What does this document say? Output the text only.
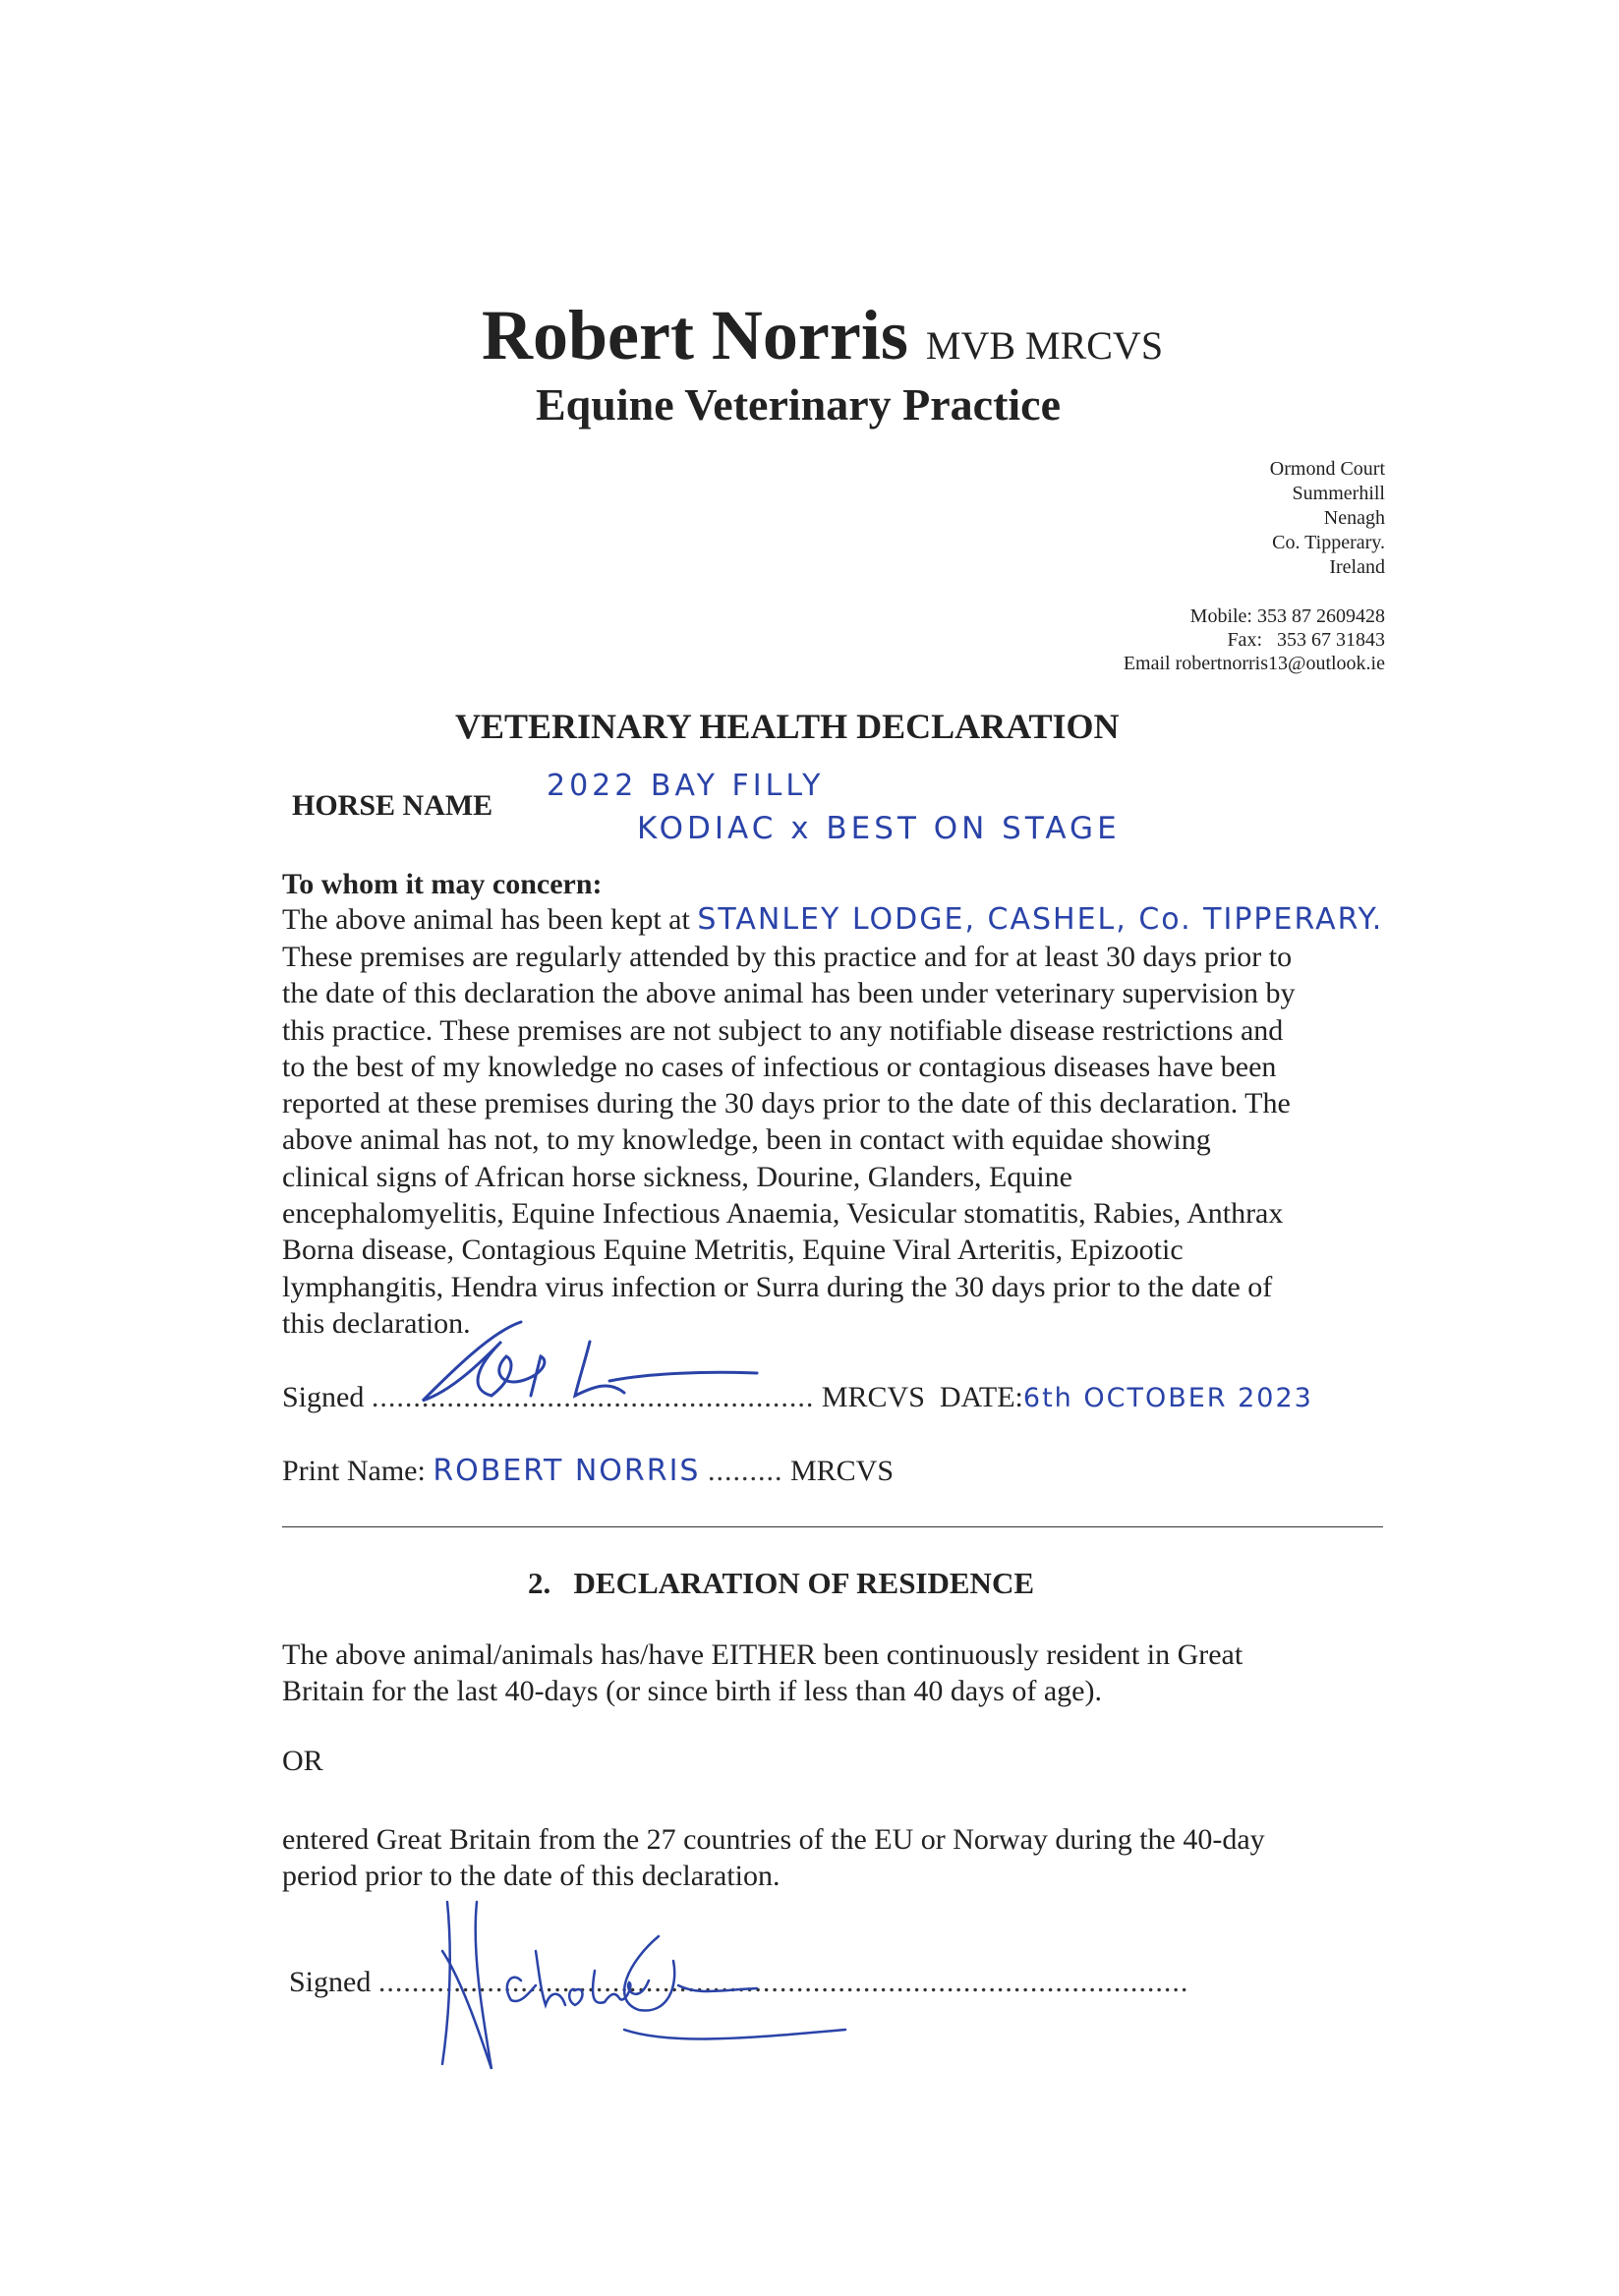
Robert Norris MVB MRCVS
Equine Veterinary Practice
Ormond Court
Summerhill
Nenagh
Co. Tipperary.
Ireland
Mobile: 353 87 2609428
Fax:   353 67 31843
Email robertnorris13@outlook.ie
VETERINARY HEALTH DECLARATION
HORSE NAME
2022 BAY FILLY
KODIAC x BEST ON STAGE
To whom it may concern:
The above animal has been kept at STANLEY LODGE, CASHEL, Co. TIPPERARY.
These premises are regularly attended by this practice and for at least 30 days prior to
the date of this declaration the above animal has been under veterinary supervision by
this practice. These premises are not subject to any notifiable disease restrictions and
to the best of my knowledge no cases of infectious or contagious diseases have been
reported at these premises during the 30 days prior to the date of this declaration. The
above animal has not, to my knowledge, been in contact with equidae showing
clinical signs of African horse sickness, Dourine, Glanders, Equine
encephalomyelitis, Equine Infectious Anaemia, Vesicular stomatitis, Rabies, Anthrax
Borna disease, Contagious Equine Metritis, Equine Viral Arteritis, Epizootic
lymphangitis, Hendra virus infection or Surra during the 30 days prior to the date of
this declaration.
Signed ..................................................... MRCVS DATE:6th OCTOBER 2023
Print Name: ROBERT NORRIS ......... MRCVS
2.   DECLARATION OF RESIDENCE
The above animal/animals has/have EITHER been continuously resident in Great
Britain for the last 40-days (or since birth if less than 40 days of age).
OR
entered Great Britain from the 27 countries of the EU or Norway during the 40-day
period prior to the date of this declaration.
Signed .................................................................................................
